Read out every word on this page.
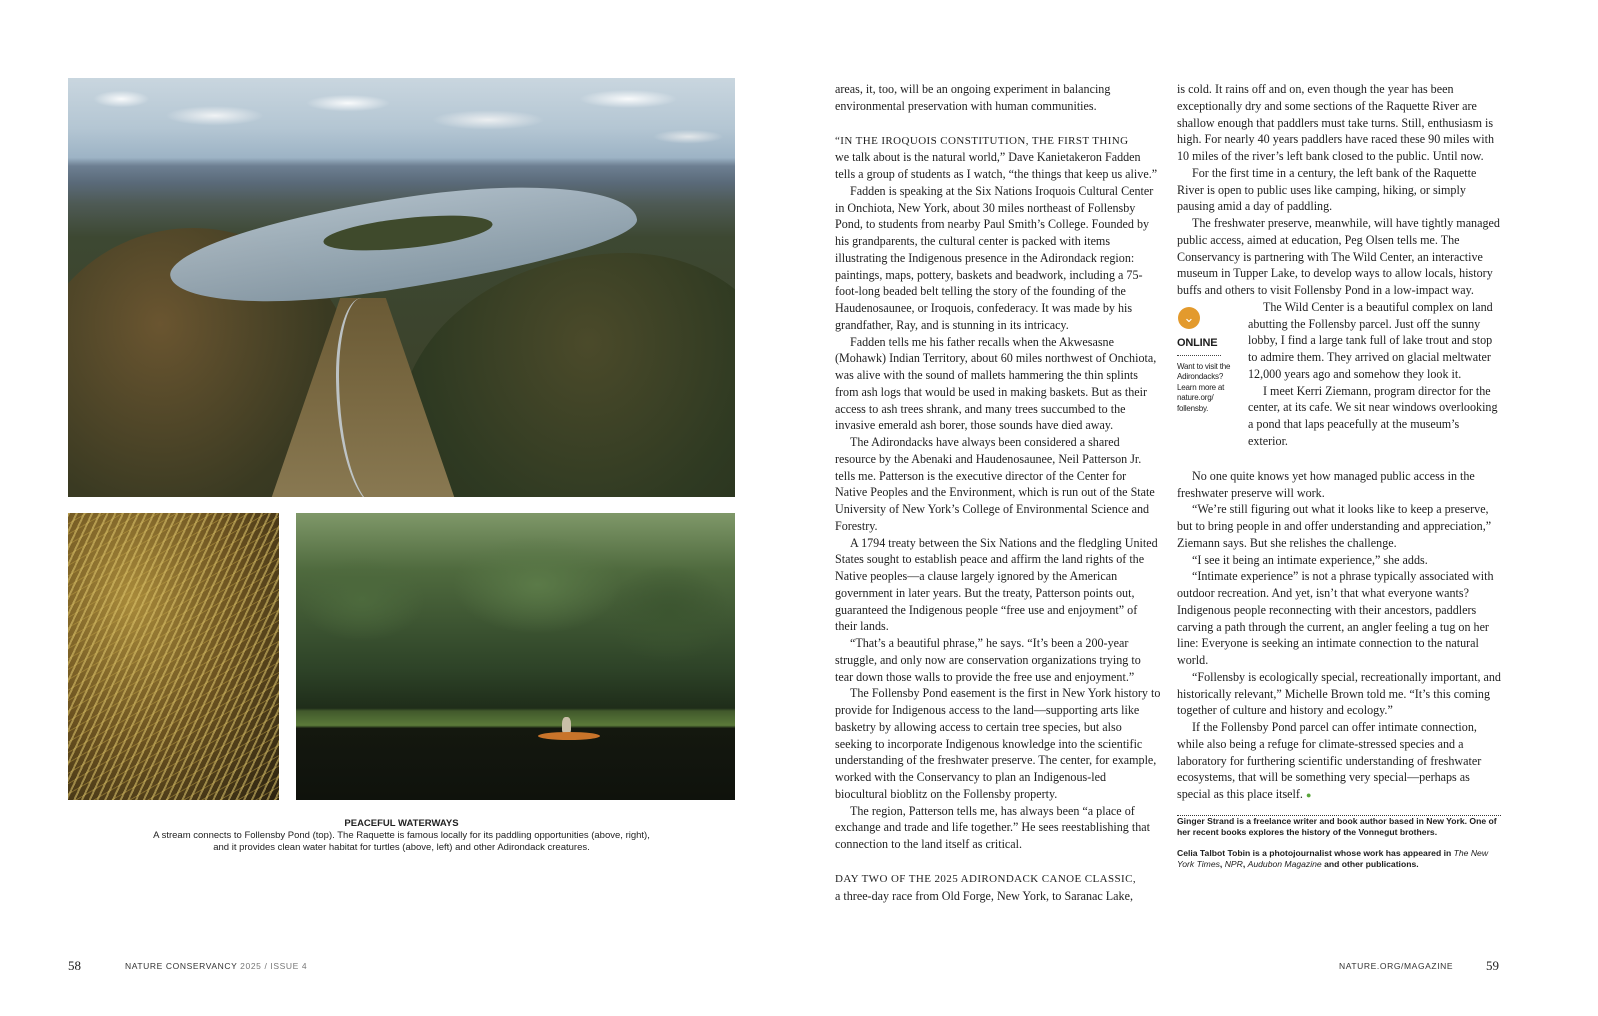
PEACEFUL WATERWAYS
A stream connects to Follensby Pond (top). The Raquette is famous locally for its paddling opportunities (above, right),
and it provides clean water habitat for turtles (above, left) and other Adirondack creatures.

areas, it, too, will be an ongoing experiment in balancing environmental preservation with human communities.

“IN THE IROQUOIS CONSTITUTION, THE FIRST THING
we talk about is the natural world,” Dave Kanietakeron Fadden tells a group of students as I watch, “the things that keep us alive.”

Fadden is speaking at the Six Nations Iroquois Cultural Center in Onchiota, New York, about 30 miles northeast of Follensby Pond, to students from nearby Paul Smith’s College. Founded by his grandparents, the cultural center is packed with items illustrating the Indigenous presence in the Adirondack region: paintings, maps, pottery, baskets and beadwork, including a 75-foot-long beaded belt telling the story of the founding of the Haudenosaunee, or Iroquois, confederacy. It was made by his grandfather, Ray, and is stunning in its intricacy.

Fadden tells me his father recalls when the Akwesasne (Mohawk) Indian Territory, about 60 miles northwest of Onchiota, was alive with the sound of mallets hammering the thin splints from ash logs that would be used in making baskets. But as their access to ash trees shrank, and many trees succumbed to the invasive emerald ash borer, those sounds have died away.

The Adirondacks have always been considered a shared resource by the Abenaki and Haudenosaunee, Neil Patterson Jr. tells me. Patterson is the executive director of the Center for Native Peoples and the Environment, which is run out of the State University of New York’s College of Environmental Science and Forestry.

A 1794 treaty between the Six Nations and the fledgling United States sought to establish peace and affirm the land rights of the Native peoples—a clause largely ignored by the American government in later years. But the treaty, Patterson points out, guaranteed the Indigenous people “free use and enjoyment” of their lands.

“That’s a beautiful phrase,” he says. “It’s been a 200-year struggle, and only now are conservation organizations trying to tear down those walls to provide the free use and enjoyment.”

The Follensby Pond easement is the first in New York history to provide for Indigenous access to the land—supporting arts like basketry by allowing access to certain tree species, but also seeking to incorporate Indigenous knowledge into the scientific understanding of the freshwater preserve. The center, for example, worked with the Conservancy to plan an Indigenous-led biocultural bioblitz on the Follensby property.

The region, Patterson tells me, has always been “a place of exchange and trade and life together.” He sees reestablishing that connection to the land itself as critical.

DAY TWO OF THE 2025 ADIRONDACK CANOE CLASSIC,
a three-day race from Old Forge, New York, to Saranac Lake,

is cold. It rains off and on, even though the year has been exceptionally dry and some sections of the Raquette River are shallow enough that paddlers must take turns. Still, enthusiasm is high. For nearly 40 years paddlers have raced these 90 miles with 10 miles of the river’s left bank closed to the public. Until now.

For the first time in a century, the left bank of the Raquette River is open to public uses like camping, hiking, or simply pausing amid a day of paddling.

The freshwater preserve, meanwhile, will have tightly managed public access, aimed at education, Peg Olsen tells me. The Conservancy is partnering with The Wild Center, an interactive museum in Tupper Lake, to develop ways to allow locals, history buffs and others to visit Follensby Pond in a low-impact way.

⌄
ONLINE
Want to visit the Adirondacks? Learn more at nature.org/ follensby.

The Wild Center is a beautiful complex on land abutting the Follensby parcel. Just off the sunny lobby, I find a large tank full of lake trout and stop to admire them. They arrived on glacial meltwater 12,000 years ago and somehow they look it.

I meet Kerri Ziemann, program director for the center, at its cafe. We sit near windows overlooking a pond that laps peacefully at the museum’s exterior.

No one quite knows yet how managed public access in the freshwater preserve will work.

“We’re still figuring out what it looks like to keep a preserve, but to bring people in and offer understanding and appreciation,” Ziemann says. But she relishes the challenge.

“I see it being an intimate experience,” she adds.

“Intimate experience” is not a phrase typically associated with outdoor recreation. And yet, isn’t that what everyone wants? Indigenous people reconnecting with their ancestors, paddlers carving a path through the current, an angler feeling a tug on her line: Everyone is seeking an intimate connection to the natural world.

“Follensby is ecologically special, recreationally important, and historically relevant,” Michelle Brown told me. “It’s this coming together of culture and history and ecology.”

If the Follensby Pond parcel can offer intimate connection, while also being a refuge for climate-stressed species and a laboratory for furthering scientific understanding of freshwater ecosystems, that will be something very special—perhaps as special as this place itself. ●

Ginger Strand is a freelance writer and book author based in New York. One of her recent books explores the history of the Vonnegut brothers.

Celia Talbot Tobin is a photojournalist whose work has appeared in The New York Times, NPR, Audubon Magazine and other publications.

58	NATURE CONSERVANCY 2025 / ISSUE 4	NATURE.ORG/MAGAZINE	59
